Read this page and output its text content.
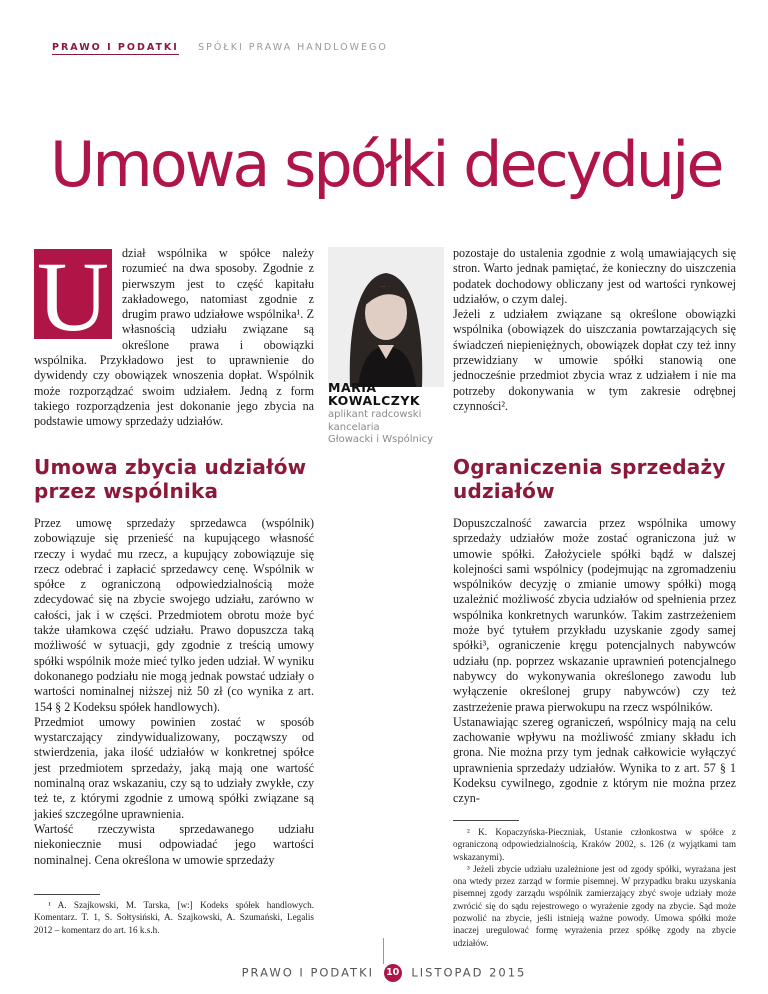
PRAWO I PODATKI SPÓŁKI PRAWA HANDLOWEGO
Umowa spółki decyduje
U	dział wspólnika w spółce należy rozumieć na dwa sposoby. Zgodnie z pierwszym jest to część kapitału zakładowego, natomiast zgodnie z drugim prawo udziałowe wspólnika¹. Z własnością udziału związane są określone prawa i obowiązki wspólnika. Przykładowo jest to uprawnienie do dywidendy czy obowiązek wnoszenia dopłat. Wspólnik może rozporządzać swoim udziałem. Jedną z form takiego rozporządzenia jest dokonanie jego zbycia na podstawie umowy sprzedaży udziałów.

MARIA
KOWALCZYK
aplikant radcowski
kancelaria
Głowacki i Wspólnicy

pozostaje do ustalenia zgodnie z wolą umawiających się stron. Warto jednak pamiętać, że konieczny do uiszczenia podatek dochodowy obliczany jest od wartości rynkowej udziałów, o czym dalej.

Jeżeli z udziałem związane są określone obowiązki wspólnika (obowiązek do uiszczania powtarzających się świadczeń niepieniężnych, obowiązek dopłat czy też inny przewidziany w umowie spółki stanowią one jednocześnie przedmiot zbycia wraz z udziałem i nie ma potrzeby dokonywania w tym zakresie odrębnej czynności².

Umowa zbycia udziałów przez wspólnika
Ograniczenia sprzedaży udziałów

Przez umowę sprzedaży sprzedawca (wspólnik) zobowiązuje się przenieść na kupującego własność rzeczy i wydać mu rzecz, a kupujący zobowiązuje się rzecz odebrać i zapłacić sprzedawcy cenę. Wspólnik w spółce z ograniczoną odpowiedzialnością może zdecydować się na zbycie swojego udziału, zarówno w całości, jak i w części. Przedmiotem obrotu może być także ułamkowa część udziału. Prawo dopuszcza taką możliwość w sytuacji, gdy zgodnie z treścią umowy spółki wspólnik może mieć tylko jeden udział. W wyniku dokonanego podziału nie mogą jednak powstać udziały o wartości nominalnej niższej niż 50 zł (co wynika z art. 154 § 2 Kodeksu spółek handlowych).

Przedmiot umowy powinien zostać w sposób wystarczający zindywidualizowany, począwszy od stwierdzenia, jaka ilość udziałów w konkretnej spółce jest przedmiotem sprzedaży, jaką mają one wartość nominalną oraz wskazaniu, czy są to udziały zwykłe, czy też te, z którymi zgodnie z umową spółki związane są jakieś szczególne uprawnienia.

Wartość rzeczywista sprzedawanego udziału niekoniecznie musi odpowiadać jego wartości nominalnej. Cena określona w umowie sprzedaży

Dopuszczalność zawarcia przez wspólnika umowy sprzedaży udziałów może zostać ograniczona już w umowie spółki. Założyciele spółki bądź w dalszej kolejności sami wspólnicy (podejmując na zgromadzeniu wspólników decyzję o zmianie umowy spółki) mogą uzależnić możliwość zbycia udziałów od spełnienia przez wspólnika konkretnych warunków. Takim zastrzeżeniem może być tytułem przykładu uzyskanie zgody samej spółki³, ograniczenie kręgu potencjalnych nabywców udziału (np. poprzez wskazanie uprawnień potencjalnego nabywcy do wykonywania określonego zawodu lub wyłączenie określonej grupy nabywców) czy też zastrzeżenie prawa pierwokupu na rzecz wspólników.

Ustanawiając szereg ograniczeń, wspólnicy mają na celu zachowanie wpływu na możliwość zmiany składu ich grona. Nie można przy tym jednak całkowicie wyłączyć uprawnienia sprzedaży udziałów. Wynika to z art. 57 § 1 Kodeksu cywilnego, zgodnie z którym nie można przez czyn-

¹ A. Szajkowski, M. Tarska, [w:] Kodeks spółek handlowych. Komentarz. T. 1, S. Sołtysiński, A. Szajkowski, A. Szumański, Legalis 2012 – komentarz do art. 16 k.s.h.

² K. Kopaczyńska-Pieczniak, Ustanie członkostwa w spółce z ograniczoną odpowiedzialnością, Kraków 2002, s. 126 (z wyjątkami tam wskazanymi).

³ Jeżeli zbycie udziału uzależnione jest od zgody spółki, wyrażana jest ona wtedy przez zarząd w formie pisemnej. W przypadku braku uzyskania pisemnej zgody zarządu wspólnik zamierzający zbyć swoje udziały może zwrócić się do sądu rejestrowego o wyrażenie zgody na zbycie. Sąd może pozwolić na zbycie, jeśli istnieją ważne powody. Umowa spółki może inaczej uregulować formę wyrażenia przez spółkę zgody na zbycie udziałów.

PRAWO I PODATKI 10 LISTOPAD 2015
